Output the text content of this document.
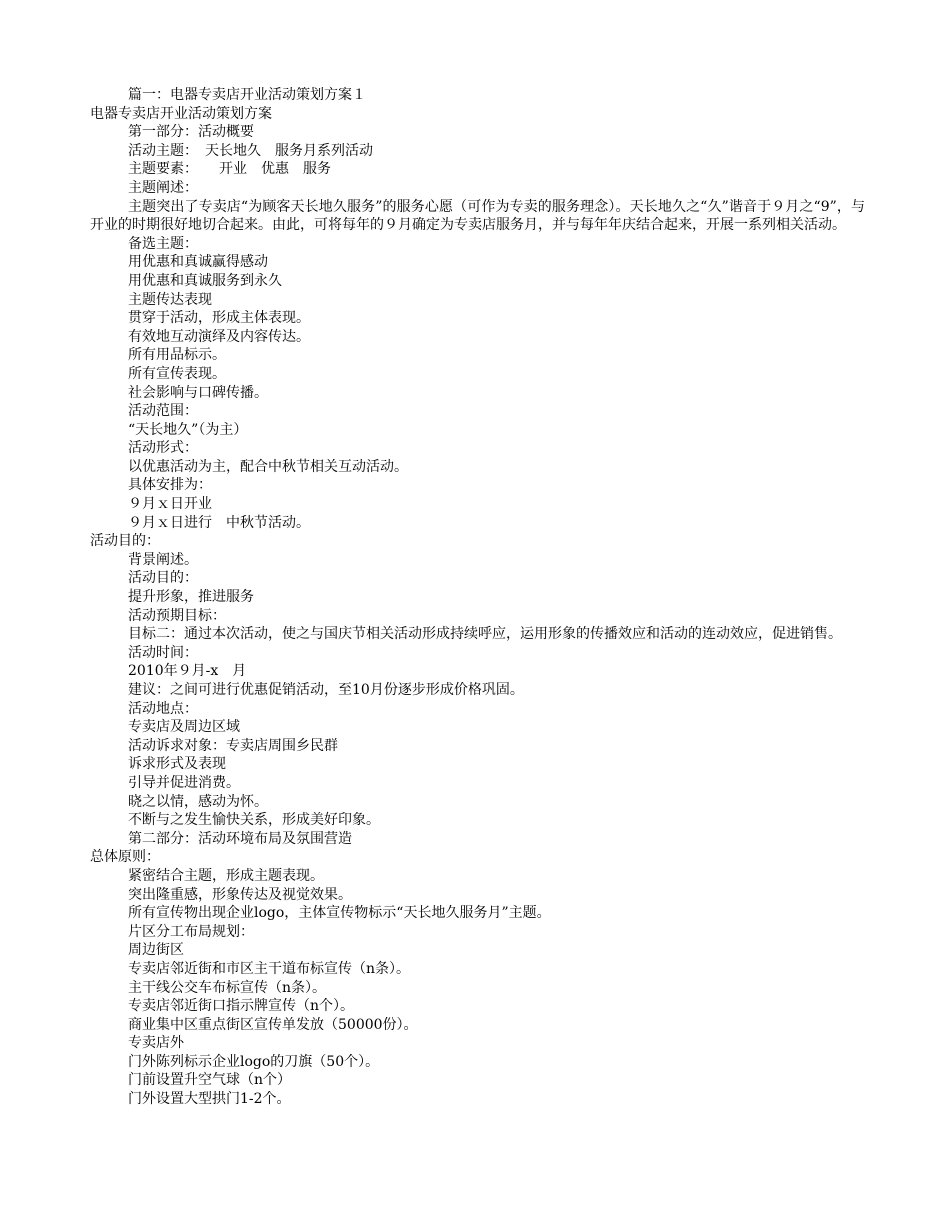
篇一：电器专卖店开业活动策划方案１

电器专卖店开业活动策划方案

第一部分：活动概要

活动主题：　天长地久　服务月系列活动

主题要素：　　开业　优惠　服务

主题阐述：

主题突出了专卖店“为顾客天长地久服务”的服务心愿（可作为专卖的服务理念）。天长地久之“久”谐音于９月之“9”，与开业的时期很好地切合起来。由此，可将每年的９月确定为专卖店服务月，并与每年年庆结合起来，开展一系列相关活动。

备选主题：

用优惠和真诚赢得感动

用优惠和真诚服务到永久

主题传达表现

贯穿于活动，形成主体表现。

有效地互动演绎及内容传达。

所有用品标示。

所有宣传表现。

社会影响与口碑传播。

活动范围：

“天长地久”（为主）

活动形式：

以优惠活动为主，配合中秋节相关互动活动。

具体安排为：

９月ｘ日开业

９月ｘ日进行　中秋节活动。

活动目的：

背景阐述。

活动目的：

提升形象，推进服务

活动预期目标：

目标二：通过本次活动，使之与国庆节相关活动形成持续呼应，运用形象的传播效应和活动的连动效应，促进销售。

活动时间：

2010年９月-x　月

建议：之间可进行优惠促销活动，至10月份逐步形成价格巩固。

活动地点：

专卖店及周边区域

活动诉求对象：专卖店周围乡民群

诉求形式及表现

引导并促进消费。

晓之以情，感动为怀。

不断与之发生愉快关系，形成美好印象。

第二部分：活动环境布局及氛围营造

总体原则：

紧密结合主题，形成主题表现。

突出隆重感，形象传达及视觉效果。

所有宣传物出现企业logo，主体宣传物标示“天长地久服务月”主题。

片区分工布局规划：

周边街区

专卖店邻近街和市区主干道布标宣传（n条）。

主干线公交车布标宣传（n条）。

专卖店邻近街口指示牌宣传（n个）。

商业集中区重点街区宣传单发放（50000份）。

专卖店外

门外陈列标示企业logo的刀旗（50个）。

门前设置升空气球（n个）

门外设置大型拱门1-2个。
